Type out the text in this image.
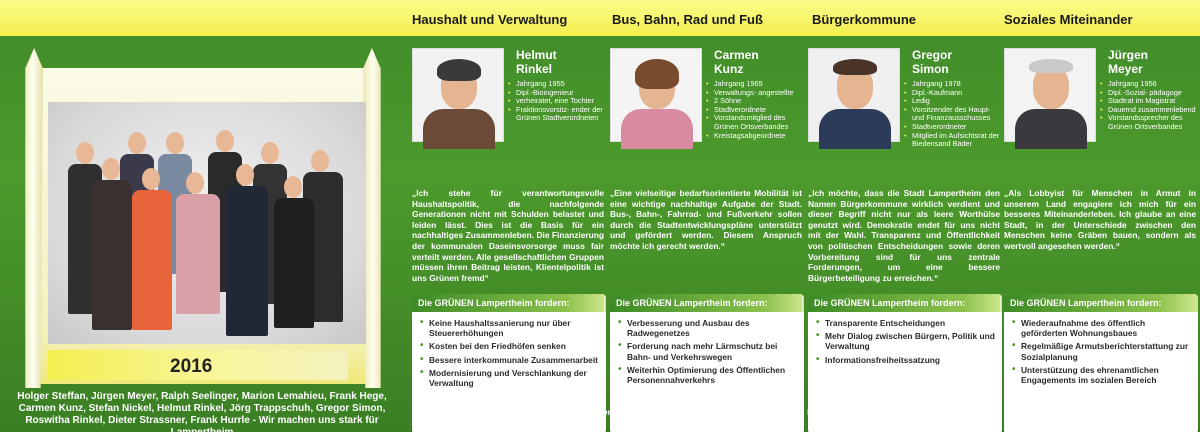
Haushalt und Verwaltung	Bus, Bahn, Rad und Fuß	Bürgerkommune	Soziales Miteinander
2016
Holger Steffan, Jürgen Meyer, Ralph Seelinger, Marion Lemahieu, Frank Hege, Carmen Kunz, Stefan Nickel, Helmut Rinkel, Jörg Trappschuh, Gregor Simon, Roswitha Rinkel, Dieter Strassner, Frank Hurrle - Wir machen uns stark für Lampertheim
Helmut
Rinkel
• Jahrgang 1955
• Dipl.-Bioingenieur
• verheiratet, eine Tochter
• Fraktionsvorsitz- ender der Grünen Stadtverordneten
„Ich stehe für verantwortungsvolle Haushaltspolitik, die nachfolgende Generationen nicht mit Schulden belastet und leiden lässt. Dies ist die Basis für ein nachhaltiges Zusammenleben. Die Finanzierung der kommunalen Daseinsvorsorge muss fair verteilt werden. Alle gesellschaftlichen Gruppen müssen ihren Beitrag leisten, Klientelpolitik ist uns Grünen fremd“
Die GRÜNEN Lampertheim fordern:
• Keine Haushaltssanierung nur über Steuererhöhungen
• Kosten bei den Friedhöfen senken
• Bessere interkommunale Zusammenarbeit
• Modernisierung und Verschlankung der Verwaltung
Carmen
Kunz
• Jahrgang 1965
• Verwaltungs- angestellte
• 2 Söhne
• Stadtverordnete
• Vorstandsmitglied des Grünen Ortsverbandes
• Kreistagsabgeordnete
„Eine vielseitige bedarfsorientierte Mobilität ist eine wichtige nachhaltige Aufgabe der Stadt. Bus-, Bahn-, Fahrrad- und Fußverkehr sollen durch die Stadtentwicklungspläne unterstützt und gefördert werden. Diesem Anspruch möchte ich gerecht werden.“
Die GRÜNEN Lampertheim fordern:
• Verbesserung und Ausbau des Radwegenetzes
• Forderung nach mehr Lärmschutz bei Bahn- und Verkehrswegen
• Weiterhin Optimierung des Öffentlichen Personennahverkehrs
Gregor
Simon
• Jahrgang 1978
• Dipl.-Kaufmann
• Ledig
• Vorsitzender des Haupt- und Finanzausschusses
• Stadtverordneter
• Mitglied im Aufsichtsrat der Biedensand Bäder
„Ich möchte, dass die Stadt Lampertheim den Namen Bürgerkommune wirklich verdient und dieser Begriff nicht nur als leere Worthülse genutzt wird. Demokratie endet für uns nicht mit der Wahl. Transparenz und Öffentlichkeit von politischen Entscheidungen sowie deren Vorbereitung sind für uns zentrale Forderungen, um eine bessere Bürgerbeteiligung zu erreichen.“
Die GRÜNEN Lampertheim fordern:
• Transparente Entscheidungen
• Mehr Dialog zwischen Bürgern, Politik und Verwaltung
• Informationsfreiheitssatzung
Jürgen
Meyer
• Jahrgang 1956
• Dipl.-Sozial- pädagoge
• Stadtrat im Magistrat
• Dauernd zusammenlebend
• Vorstandssprecher des Grünen Ortsverbandes
„Als Lobbyist für Menschen in Armut in unserem Land engagiere ich mich für ein besseres Miteinanderleben. Ich glaube an eine Stadt, in der Unterschiede zwischen den Menschen keine Gräben bauen, sondern als wertvoll angesehen werden.“
Die GRÜNEN Lampertheim fordern:
• Wiederaufnahme des öffentlich geförderten Wohnungsbaues
• Regelmäßige Armutsberichterstattung zur Sozialplanung
• Unterstützung des ehrenamtlichen Engagements im sozialen Bereich
V.i.S.d.P. und Kontakt in Lampertheim: Jürgen Meyer, Hagenstraße 56, 68623 Lampertheim • Internet: www.gruene-lampertheim.de •
